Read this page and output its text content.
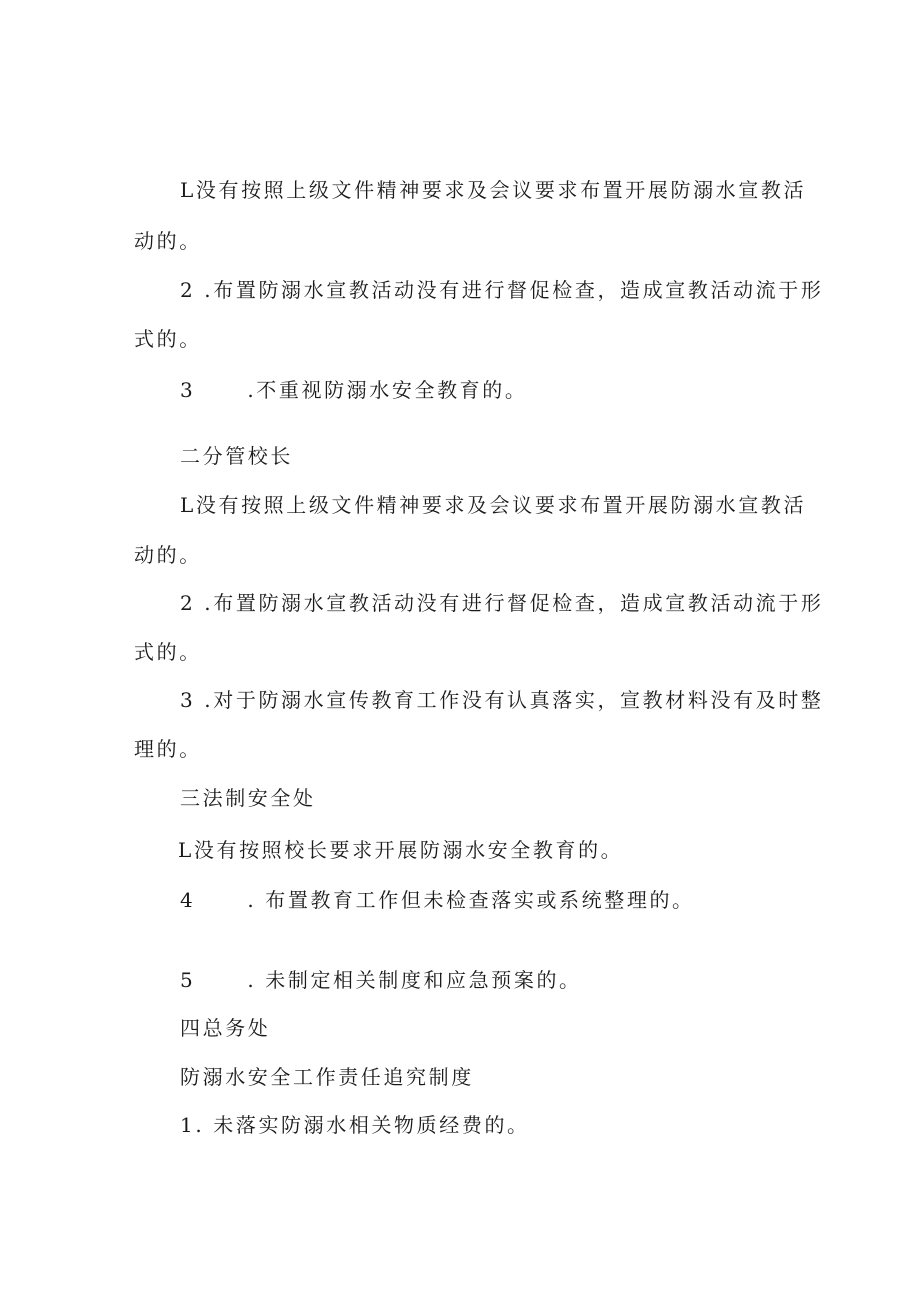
L没有按照上级文件精神要求及会议要求布置开展防溺水宣教活
动的。
2 .布置防溺水宣教活动没有进行督促检查，造成宣教活动流于形
式的。
3	.不重视防溺水安全教育的。
二分管校长
L没有按照上级文件精神要求及会议要求布置开展防溺水宣教活
动的。
2 .布置防溺水宣教活动没有进行督促检查，造成宣教活动流于形
式的。
3 .对于防溺水宣传教育工作没有认真落实，宣教材料没有及时整
理的。
三法制安全处
L没有按照校长要求开展防溺水安全教育的。
4	. 布置教育工作但未检查落实或系统整理的。
5	. 未制定相关制度和应急预案的。
四总务处
防溺水安全工作责任追究制度
1. 未落实防溺水相关物质经费的。
